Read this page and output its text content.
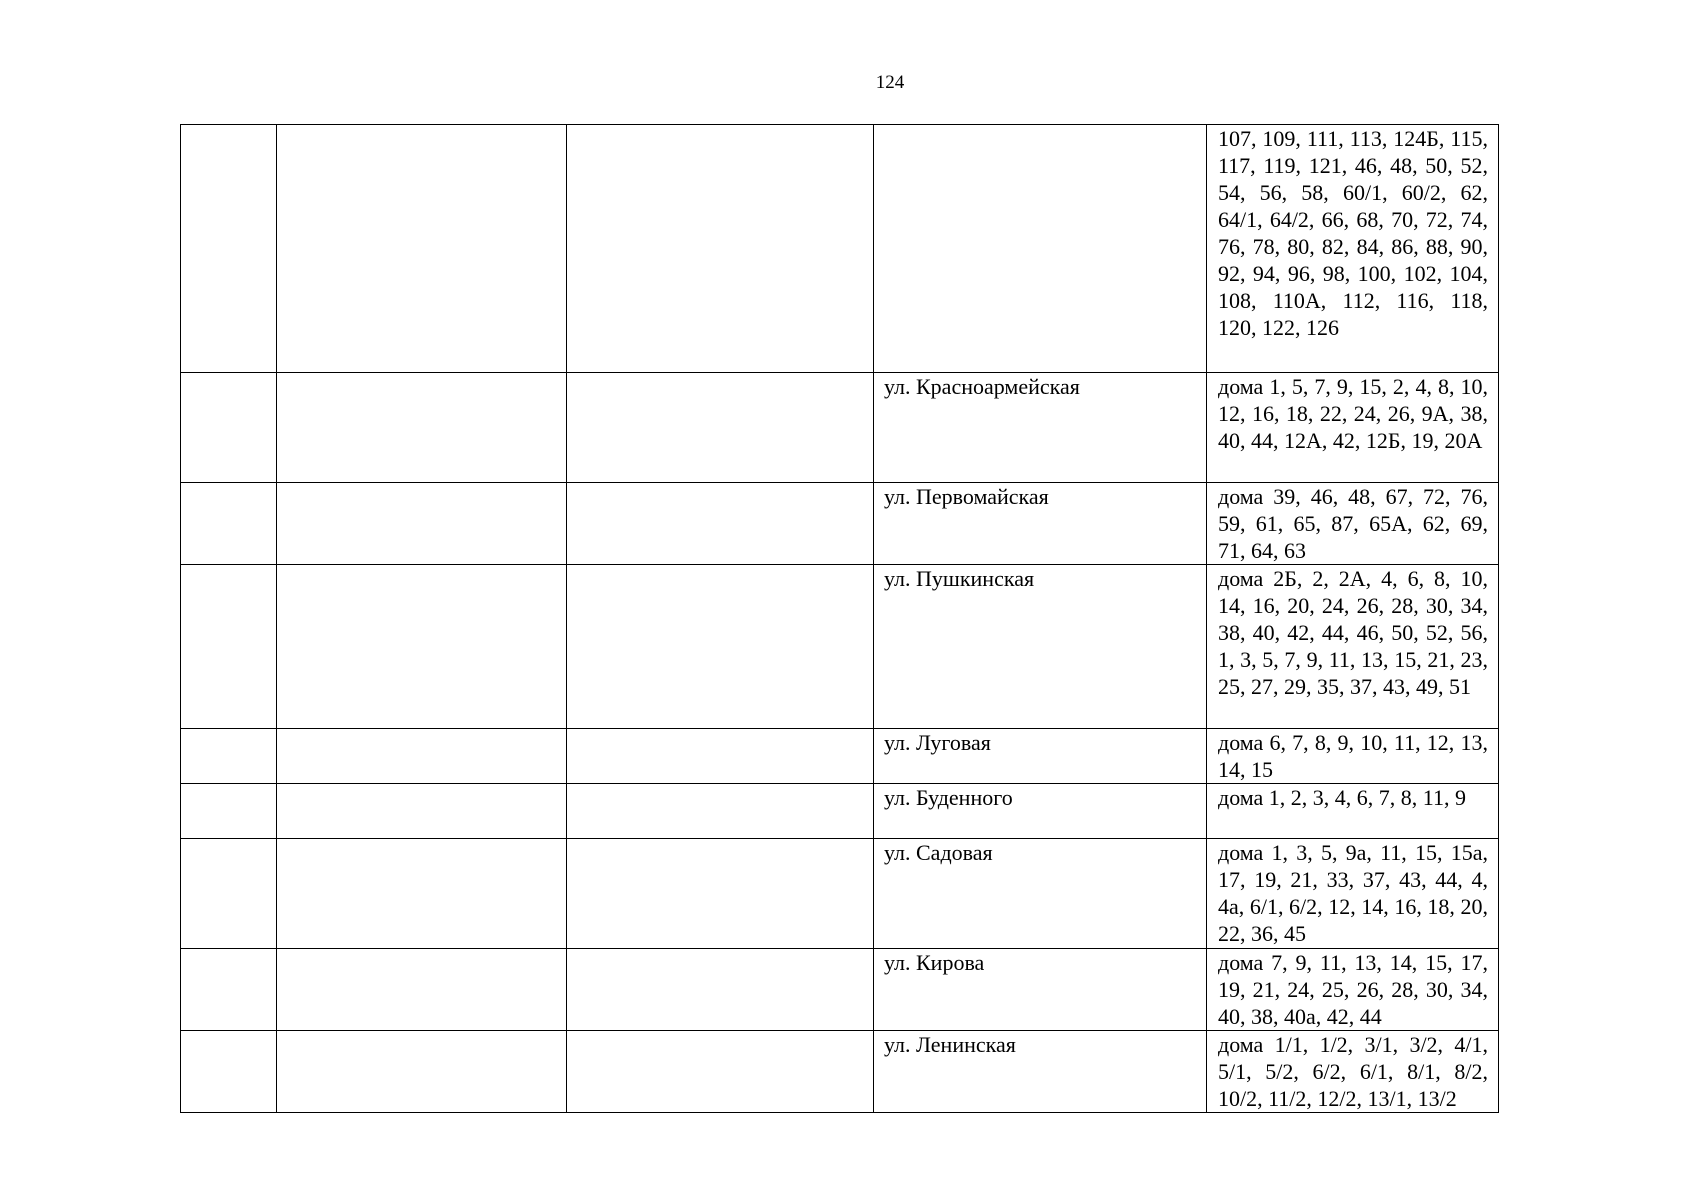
124

				107, 109, 111, 113, 124Б, 115, 117, 119, 121, 46, 48, 50, 52, 54, 56, 58, 60/1, 60/2, 62, 64/1, 64/2, 66, 68, 70, 72, 74, 76, 78, 80, 82, 84, 86, 88, 90, 92, 94, 96, 98, 100, 102, 104, 108, 110А, 112, 116, 118, 120, 122, 126

			ул. Красноармейская	дома 1, 5, 7, 9, 15, 2, 4, 8, 10, 12, 16, 18, 22, 24, 26, 9А, 38, 40, 44, 12А, 42, 12Б, 19, 20А

			ул. Первомайская	дома 39, 46, 48, 67, 72, 76, 59, 61, 65, 87, 65А, 62, 69, 71, 64, 63

			ул. Пушкинская	дома 2Б, 2, 2А, 4, 6, 8, 10, 14, 16, 20, 24, 26, 28, 30, 34, 38, 40, 42, 44, 46, 50, 52, 56, 1, 3, 5, 7, 9, 11, 13, 15, 21, 23, 25, 27, 29, 35, 37, 43, 49, 51

			ул. Луговая	дома 6, 7, 8, 9, 10, 11, 12, 13, 14, 15

			ул. Буденного	дома 1, 2, 3, 4, 6, 7, 8, 11, 9

			ул. Садовая	дома 1, 3, 5, 9а, 11, 15, 15а, 17, 19, 21, 33, 37, 43, 44, 4, 4а, 6/1, 6/2, 12, 14, 16, 18, 20, 22, 36, 45

			ул. Кирова	дома 7, 9, 11, 13, 14, 15, 17, 19, 21, 24, 25, 26, 28, 30, 34, 40, 38, 40а, 42, 44

			ул. Ленинская	дома 1/1, 1/2, 3/1, 3/2, 4/1, 5/1, 5/2, 6/2, 6/1, 8/1, 8/2, 10/2, 11/2, 12/2, 13/1, 13/2
